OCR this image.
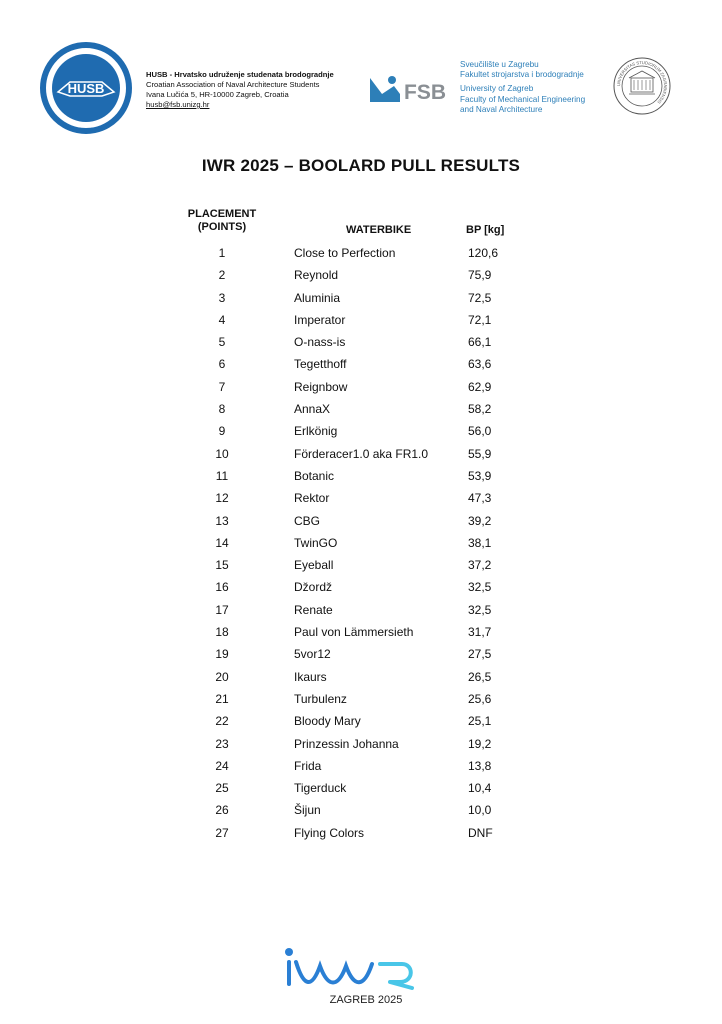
HUSB
HUSB - Hrvatsko udruženje studenata brodogradnje
Croatian Association of Naval Architecture Students
Ivana Lučića 5, HR-10000 Zagreb, Croatia
husb@fsb.unizg.hr
FSB
Sveučilište u Zagrebu
Fakultet strojarstva i brodogradnje
University of Zagreb
Faculty of Mechanical Engineering
and Naval Architecture
UNIVERSITAS STUDIORUM ZAGRABIENSIS
IWR 2025 – BOOLARD PULL RESULTS
PLACEMENT
(POINTS)	WATERBIKE	BP [kg]
1	Close to Perfection	120,6
2	Reynold	75,9
3	Aluminia	72,5
4	Imperator	72,1
5	O-nass-is	66,1
6	Tegetthoff	63,6
7	Reignbow	62,9
8	AnnaX	58,2
9	Erlkönig	56,0
10	Förderacer1.0 aka FR1.0	55,9
11	Botanic	53,9
12	Rektor	47,3
13	CBG	39,2
14	TwinGO	38,1
15	Eyeball	37,2
16	Džordž	32,5
17	Renate	32,5
18	Paul von Lämmersieth	31,7
19	5vor12	27,5
20	Ikaurs	26,5
21	Turbulenz	25,6
22	Bloody Mary	25,1
23	Prinzessin Johanna	19,2
24	Frida	13,8
25	Tigerduck	10,4
26	Šijun	10,0
27	Flying Colors	DNF
ZAGREB 2025
